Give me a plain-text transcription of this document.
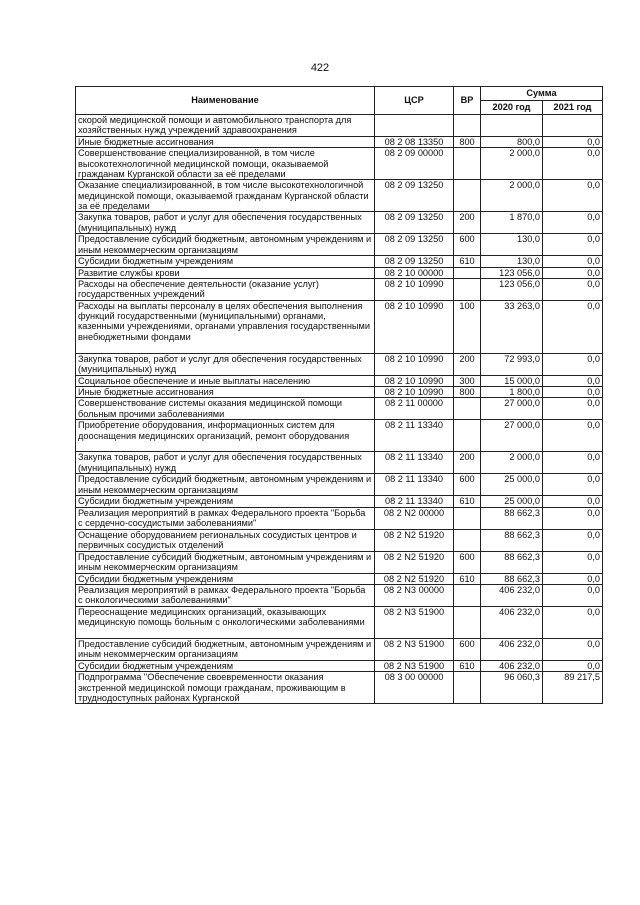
422
Наименование	ЦСР	ВР	Сумма	
			2020 год	2021 год
скорой медицинской помощи и автомобильного транспорта для хозяйственных нужд учреждений здравоохранения				
Иные бюджетные ассигнования	08 2 08 13350	800	800,0	0,0
Совершенствование специализированной, в том числе высокотехнологичной медицинской помощи, оказываемой гражданам Курганской области за её пределами	08 2 09 00000		2 000,0	0,0
Оказание специализированной, в том числе высокотехнологичной медицинской помощи, оказываемой гражданам Курганской области за её пределами	08 2 09 13250		2 000,0	0,0
Закупка товаров, работ и услуг для обеспечения государственных (муниципальных) нужд	08 2 09 13250	200	1 870,0	0,0
Предоставление субсидий бюджетным, автономным учреждениям и иным некоммерческим организациям	08 2 09 13250	600	130,0	0,0
Субсидии бюджетным учреждениям	08 2 09 13250	610	130,0	0,0
Развитие службы крови	08 2 10 00000		123 056,0	0,0
Расходы на обеспечение деятельности (оказание услуг) государственных учреждений	08 2 10 10990		123 056,0	0,0
Расходы на выплаты персоналу в целях обеспечения выполнения функций государственными (муниципальными) органами, казенными учреждениями, органами управления государственными внебюджетными фондами	08 2 10 10990	100	33 263,0	0,0
Закупка товаров, работ и услуг для обеспечения государственных (муниципальных) нужд	08 2 10 10990	200	72 993,0	0,0
Социальное обеспечение и иные выплаты населению	08 2 10 10990	300	15 000,0	0,0
Иные бюджетные ассигнования	08 2 10 10990	800	1 800,0	0,0
Совершенствование системы оказания медицинской помощи больным прочими заболеваниями	08 2 11 00000		27 000,0	0,0
Приобретение оборудования, информационных систем для дооснащения медицинских организаций, ремонт оборудования	08 2 11 13340		27 000,0	0,0
Закупка товаров, работ и услуг для обеспечения государственных (муниципальных) нужд	08 2 11 13340	200	2 000,0	0,0
Предоставление субсидий бюджетным, автономным учреждениям и иным некоммерческим организациям	08 2 11 13340	600	25 000,0	0,0
Субсидии бюджетным учреждениям	08 2 11 13340	610	25 000,0	0,0
Реализация мероприятий в рамках Федерального проекта "Борьба с сердечно-сосудистыми заболеваниями"	08 2 N2 00000		88 662,3	0,0
Оснащение оборудованием региональных сосудистых центров и первичных сосудистых отделений	08 2 N2 51920		88 662,3	0,0
Предоставление субсидий бюджетным, автономным учреждениям и иным некоммерческим организациям	08 2 N2 51920	600	88 662,3	0,0
Субсидии бюджетным учреждениям	08 2 N2 51920	610	88 662,3	0,0
Реализация мероприятий в рамках Федерального проекта "Борьба с онкологическими заболеваниями"	08 2 N3 00000		406 232,0	0,0
Переоснащение медицинских организаций, оказывающих медицинскую помощь больным с онкологическими заболеваниями	08 2 N3 51900		406 232,0	0,0
Предоставление субсидий бюджетным, автономным учреждениям и иным некоммерческим организациям	08 2 N3 51900	600	406 232,0	0,0
Субсидии бюджетным учреждениям	08 2 N3 51900	610	406 232,0	0,0
Подпрограмма "Обеспечение своевременности оказания экстренной медицинской помощи гражданам, проживающим в труднодоступных районах Курганской	08 3 00 00000		96 060,3	89 217,5
